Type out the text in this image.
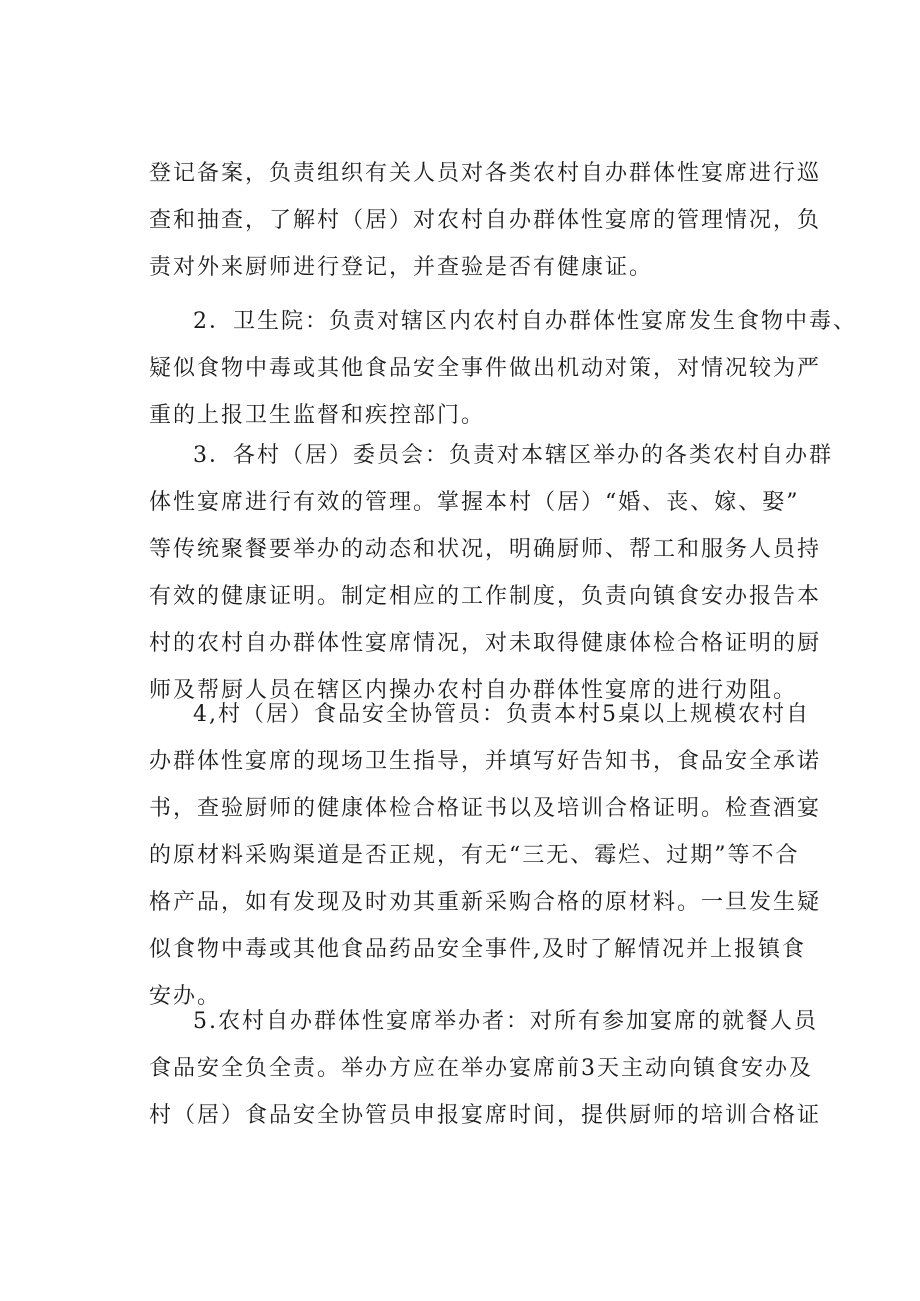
登记备案，负责组织有关人员对各类农村自办群体性宴席进行巡
查和抽查，了解村（居）对农村自办群体性宴席的管理情况，负
责对外来厨师进行登记，并查验是否有健康证。
2．卫生院：负责对辖区内农村自办群体性宴席发生食物中毒、
疑似食物中毒或其他食品安全事件做出机动对策，对情况较为严
重的上报卫生监督和疾控部门。
3．各村（居）委员会：负责对本辖区举办的各类农村自办群
体性宴席进行有效的管理。掌握本村（居）“婚、丧、嫁、娶”
等传统聚餐要举办的动态和状况，明确厨师、帮工和服务人员持
有效的健康证明。制定相应的工作制度，负责向镇食安办报告本
村的农村自办群体性宴席情况，对未取得健康体检合格证明的厨
师及帮厨人员在辖区内操办农村自办群体性宴席的进行劝阻。
4,村（居）食品安全协管员：负责本村5桌以上规模农村自
办群体性宴席的现场卫生指导，并填写好告知书，食品安全承诺
书，查验厨师的健康体检合格证书以及培训合格证明。检查酒宴
的原材料采购渠道是否正规，有无“三无、霉烂、过期”等不合
格产品，如有发现及时劝其重新采购合格的原材料。一旦发生疑
似食物中毒或其他食品药品安全事件,及时了解情况并上报镇食
安办。
5.农村自办群体性宴席举办者：对所有参加宴席的就餐人员
食品安全负全责。举办方应在举办宴席前3天主动向镇食安办及
村（居）食品安全协管员申报宴席时间，提供厨师的培训合格证
